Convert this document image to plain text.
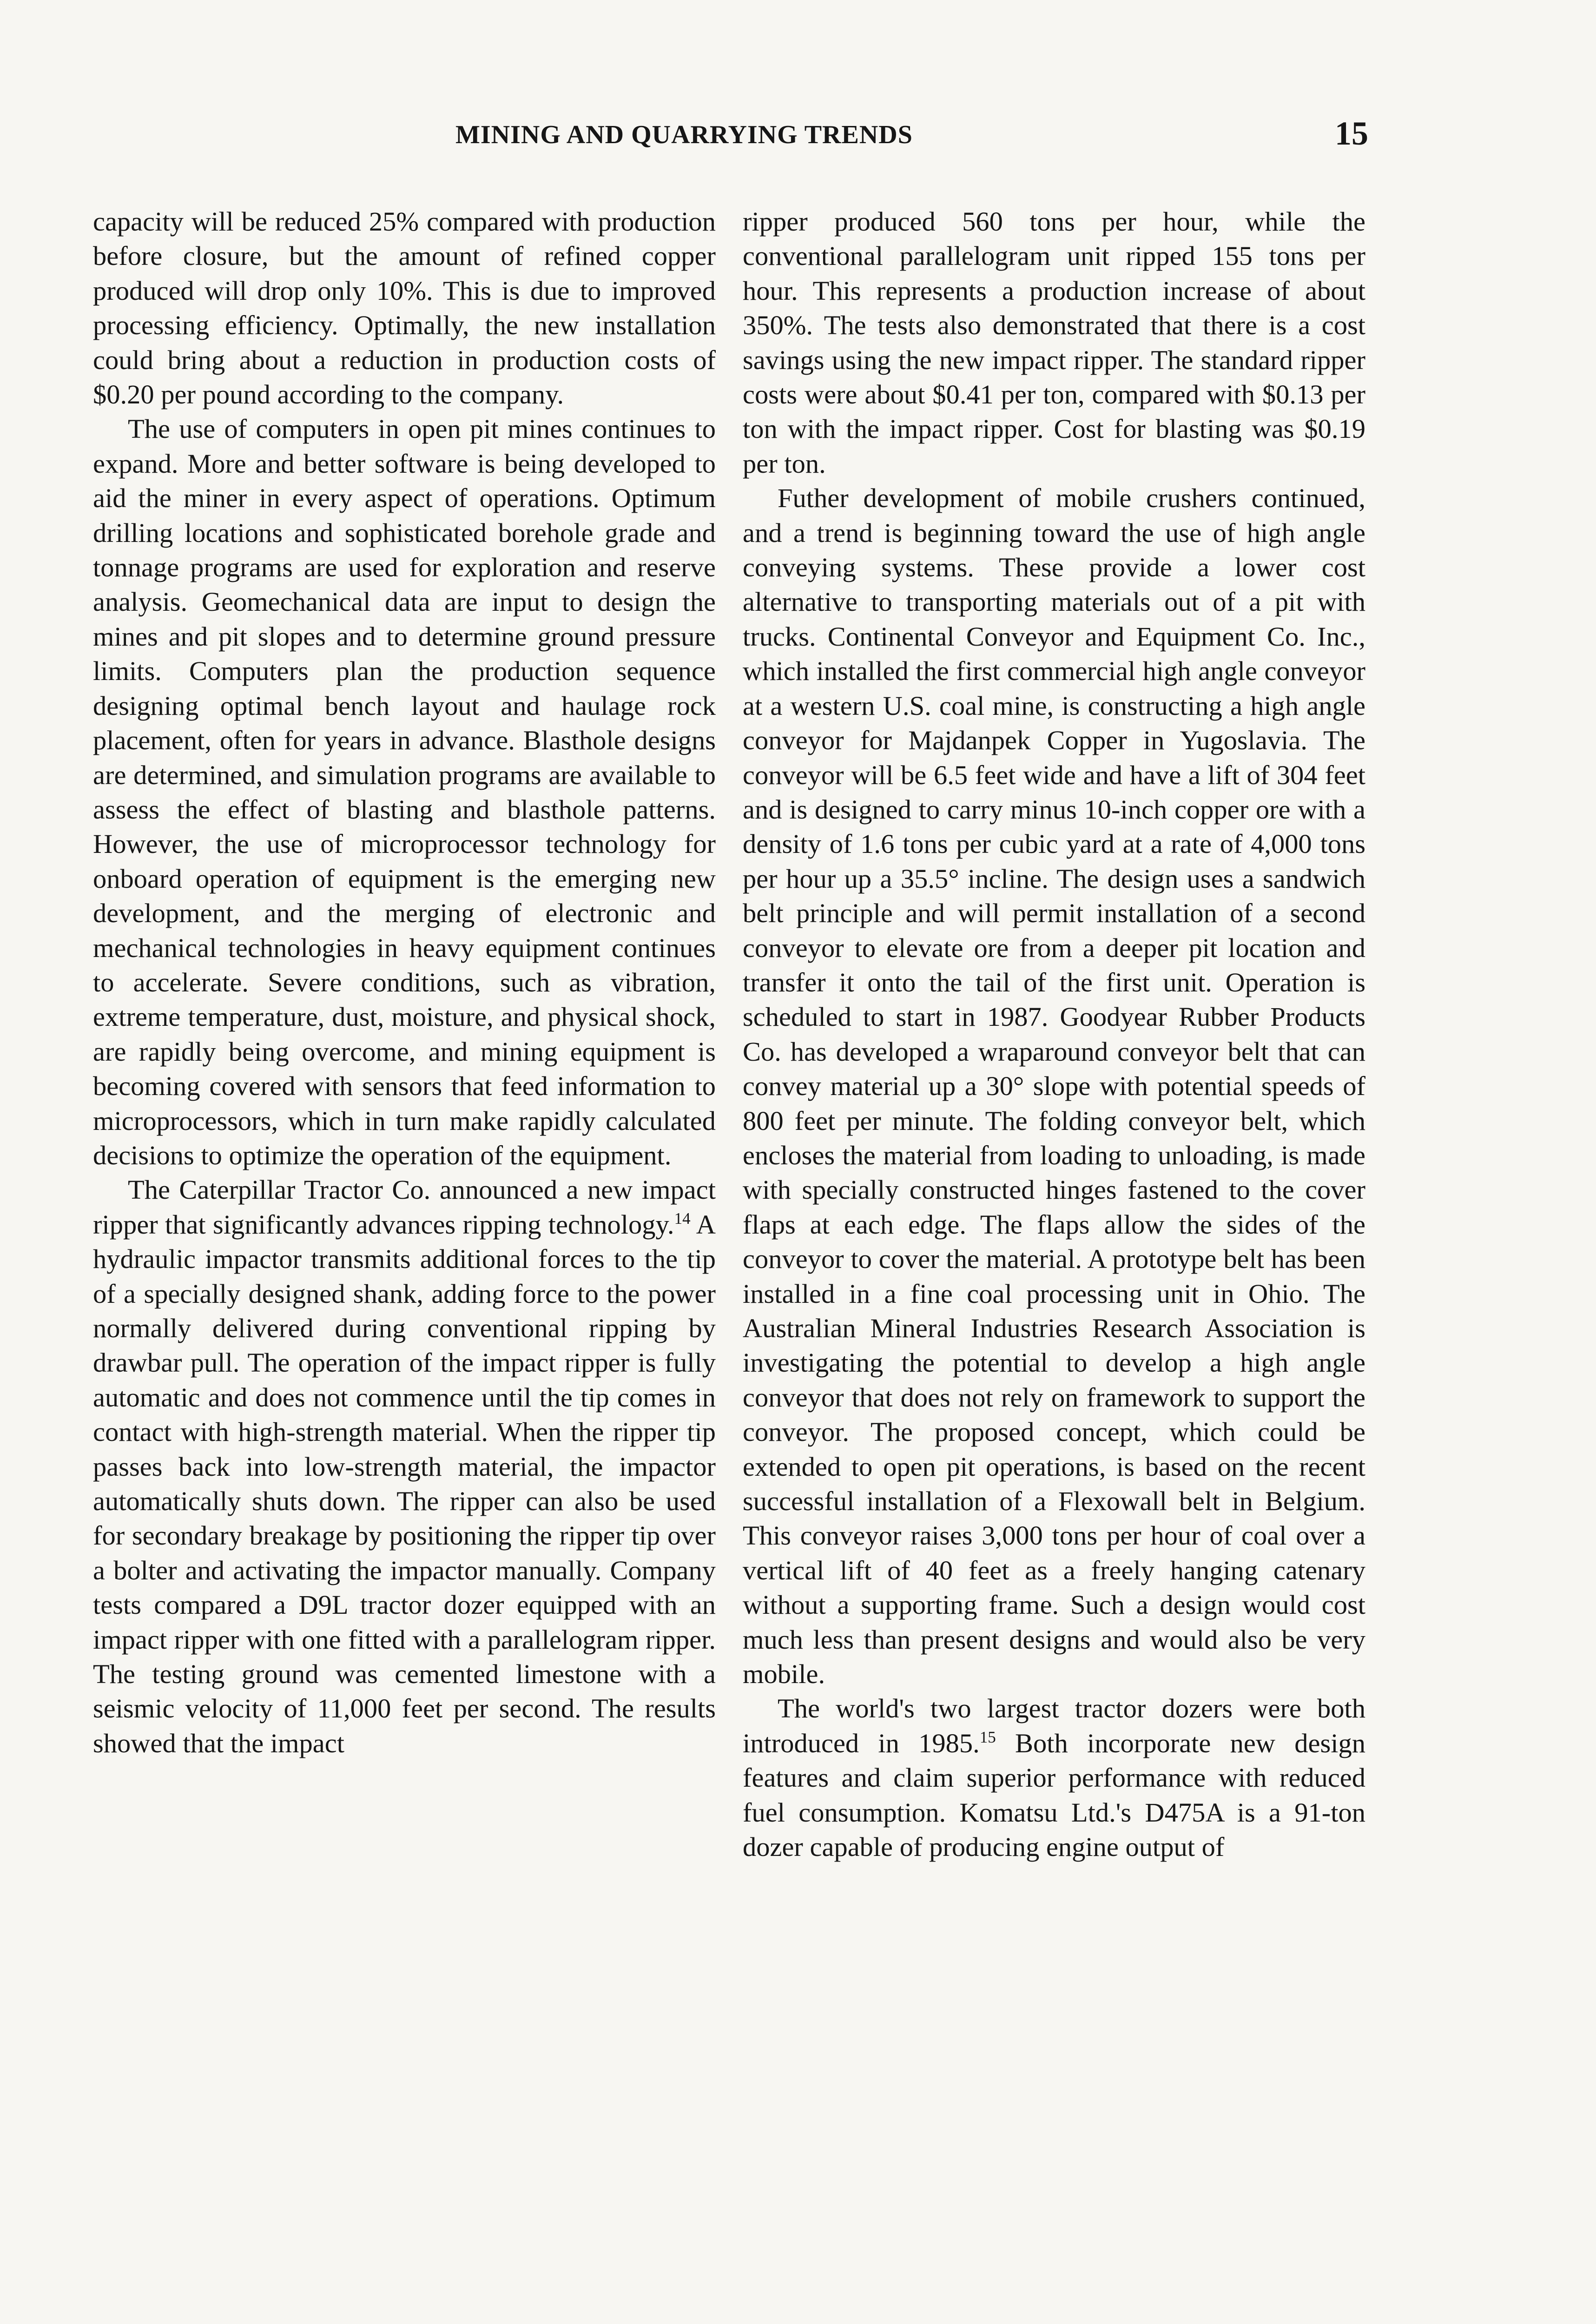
MINING AND QUARRYING TRENDS	15

capacity will be reduced 25% compared with production before closure, but the amount of refined copper produced will drop only 10%. This is due to improved processing efficiency. Optimally, the new installation could bring about a reduction in production costs of $0.20 per pound according to the company.

The use of computers in open pit mines continues to expand. More and better software is being developed to aid the miner in every aspect of operations. Optimum drilling locations and sophisticated borehole grade and tonnage programs are used for exploration and reserve analysis. Geomechanical data are input to design the mines and pit slopes and to determine ground pressure limits. Computers plan the production sequence designing optimal bench layout and haulage rock placement, often for years in advance. Blasthole designs are determined, and simulation programs are available to assess the effect of blasting and blasthole patterns. However, the use of microprocessor technology for onboard operation of equipment is the emerging new development, and the merging of electronic and mechanical technologies in heavy equipment continues to accelerate. Severe conditions, such as vibration, extreme temperature, dust, moisture, and physical shock, are rapidly being overcome, and mining equipment is becoming covered with sensors that feed information to microprocessors, which in turn make rapidly calculated decisions to optimize the operation of the equipment.

The Caterpillar Tractor Co. announced a new impact ripper that significantly advances ripping technology.$^{14}$ A hydraulic impactor transmits additional forces to the tip of a specially designed shank, adding force to the power normally delivered during conventional ripping by drawbar pull. The operation of the impact ripper is fully automatic and does not commence until the tip comes in contact with high-strength material. When the ripper tip passes back into low-strength material, the impactor automatically shuts down. The ripper can also be used for secondary breakage by positioning the ripper tip over a bolter and activating the impactor manually. Company tests compared a D9L tractor dozer equipped with an impact ripper with one fitted with a parallelogram ripper. The testing ground was cemented limestone with a seismic velocity of 11,000 feet per second. The results showed that the impact

ripper produced 560 tons per hour, while the conventional parallelogram unit ripped 155 tons per hour. This represents a production increase of about 350%. The tests also demonstrated that there is a cost savings using the new impact ripper. The standard ripper costs were about $0.41 per ton, compared with $0.13 per ton with the impact ripper. Cost for blasting was $0.19 per ton.

Futher development of mobile crushers continued, and a trend is beginning toward the use of high angle conveying systems. These provide a lower cost alternative to transporting materials out of a pit with trucks. Continental Conveyor and Equipment Co. Inc., which installed the first commercial high angle conveyor at a western U.S. coal mine, is constructing a high angle conveyor for Majdanpek Copper in Yugoslavia. The conveyor will be 6.5 feet wide and have a lift of 304 feet and is designed to carry minus 10-inch copper ore with a density of 1.6 tons per cubic yard at a rate of 4,000 tons per hour up a 35.5° incline. The design uses a sandwich belt principle and will permit installation of a second conveyor to elevate ore from a deeper pit location and transfer it onto the tail of the first unit. Operation is scheduled to start in 1987. Goodyear Rubber Products Co. has developed a wraparound conveyor belt that can convey material up a 30° slope with potential speeds of 800 feet per minute. The folding conveyor belt, which encloses the material from loading to unloading, is made with specially constructed hinges fastened to the cover flaps at each edge. The flaps allow the sides of the conveyor to cover the material. A prototype belt has been installed in a fine coal processing unit in Ohio. The Australian Mineral Industries Research Association is investigating the potential to develop a high angle conveyor that does not rely on framework to support the conveyor. The proposed concept, which could be extended to open pit operations, is based on the recent successful installation of a Flexowall belt in Belgium. This conveyor raises 3,000 tons per hour of coal over a vertical lift of 40 feet as a freely hanging catenary without a supporting frame. Such a design would cost much less than present designs and would also be very mobile.

The world's two largest tractor dozers were both introduced in 1985.15 Both incorporate new design features and claim superior performance with reduced fuel consumption. Komatsu Ltd.'s D475A is a 91-ton dozer capable of producing engine output of
